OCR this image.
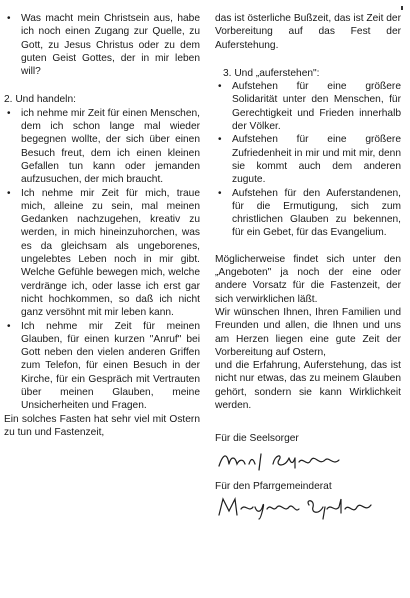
• Was macht mein Christsein aus, habe ich noch einen Zugang zur Quelle, zu Gott, zu Jesus Christus oder zu dem guten Geist Gottes, der in mir leben will?

2. Und handeln:

• ich nehme mir Zeit für einen Menschen, dem ich schon lange mal wieder begegnen wollte, der sich über einen Besuch freut, dem ich einen kleinen Gefallen tun kann oder jemanden aufzusuchen, der mich braucht.
• Ich nehme mir Zeit für mich, traue mich, alleine zu sein, mal meinen Gedanken nachzugehen, kreativ zu werden, in mich hineinzuhorchen, was es da gleichsam als ungeborenes, ungelebtes Leben noch in mir gibt. Welche Gefühle bewegen mich, welche verdränge ich, oder lasse ich erst gar nicht hochkommen, so daß ich nicht ganz versöhnt mit mir leben kann.
• Ich nehme mir Zeit für meinen Glauben, für einen kurzen "Anruf" bei Gott neben den vielen anderen Griffen zum Telefon, für einen Besuch in der Kirche, für ein Gespräch mit Vertrauten über meinen Glauben, meine Unsicherheiten und Fragen.

Ein solches Fasten hat sehr viel mit Ostern zu tun und Fastenzeit,

das ist österliche Bußzeit, das ist Zeit der Vorbereitung auf das Fest der Auferstehung.

3. Und „auferstehen":

• Aufstehen für eine größere Solidarität unter den Menschen, für Gerechtigkeit und Frieden innerhalb der Völker.
• Aufstehen für eine größere Zufriedenheit in mir und mit mir, denn sie kommt auch dem anderen zugute.
• Aufstehen für den Auferstandenen, für die Ermutigung, sich zum christlichen Glauben zu bekennen, für ein Gebet, für das Evangelium.

Möglicherweise findet sich unter den „Angeboten" ja noch der eine oder andere Vorsatz für die Fastenzeit, der sich verwirklichen läßt.

Wir wünschen Ihnen, Ihren Familien und Freunden und allen, die Ihnen und uns am Herzen liegen eine gute Zeit der Vorbereitung auf Ostern,

und die Erfahrung, Auferstehung, das ist nicht nur etwas, das zu meinem Glauben gehört, sondern sie kann Wirklichkeit werden.

Für die Seelsorger

Für den Pfarrgemeinderat
